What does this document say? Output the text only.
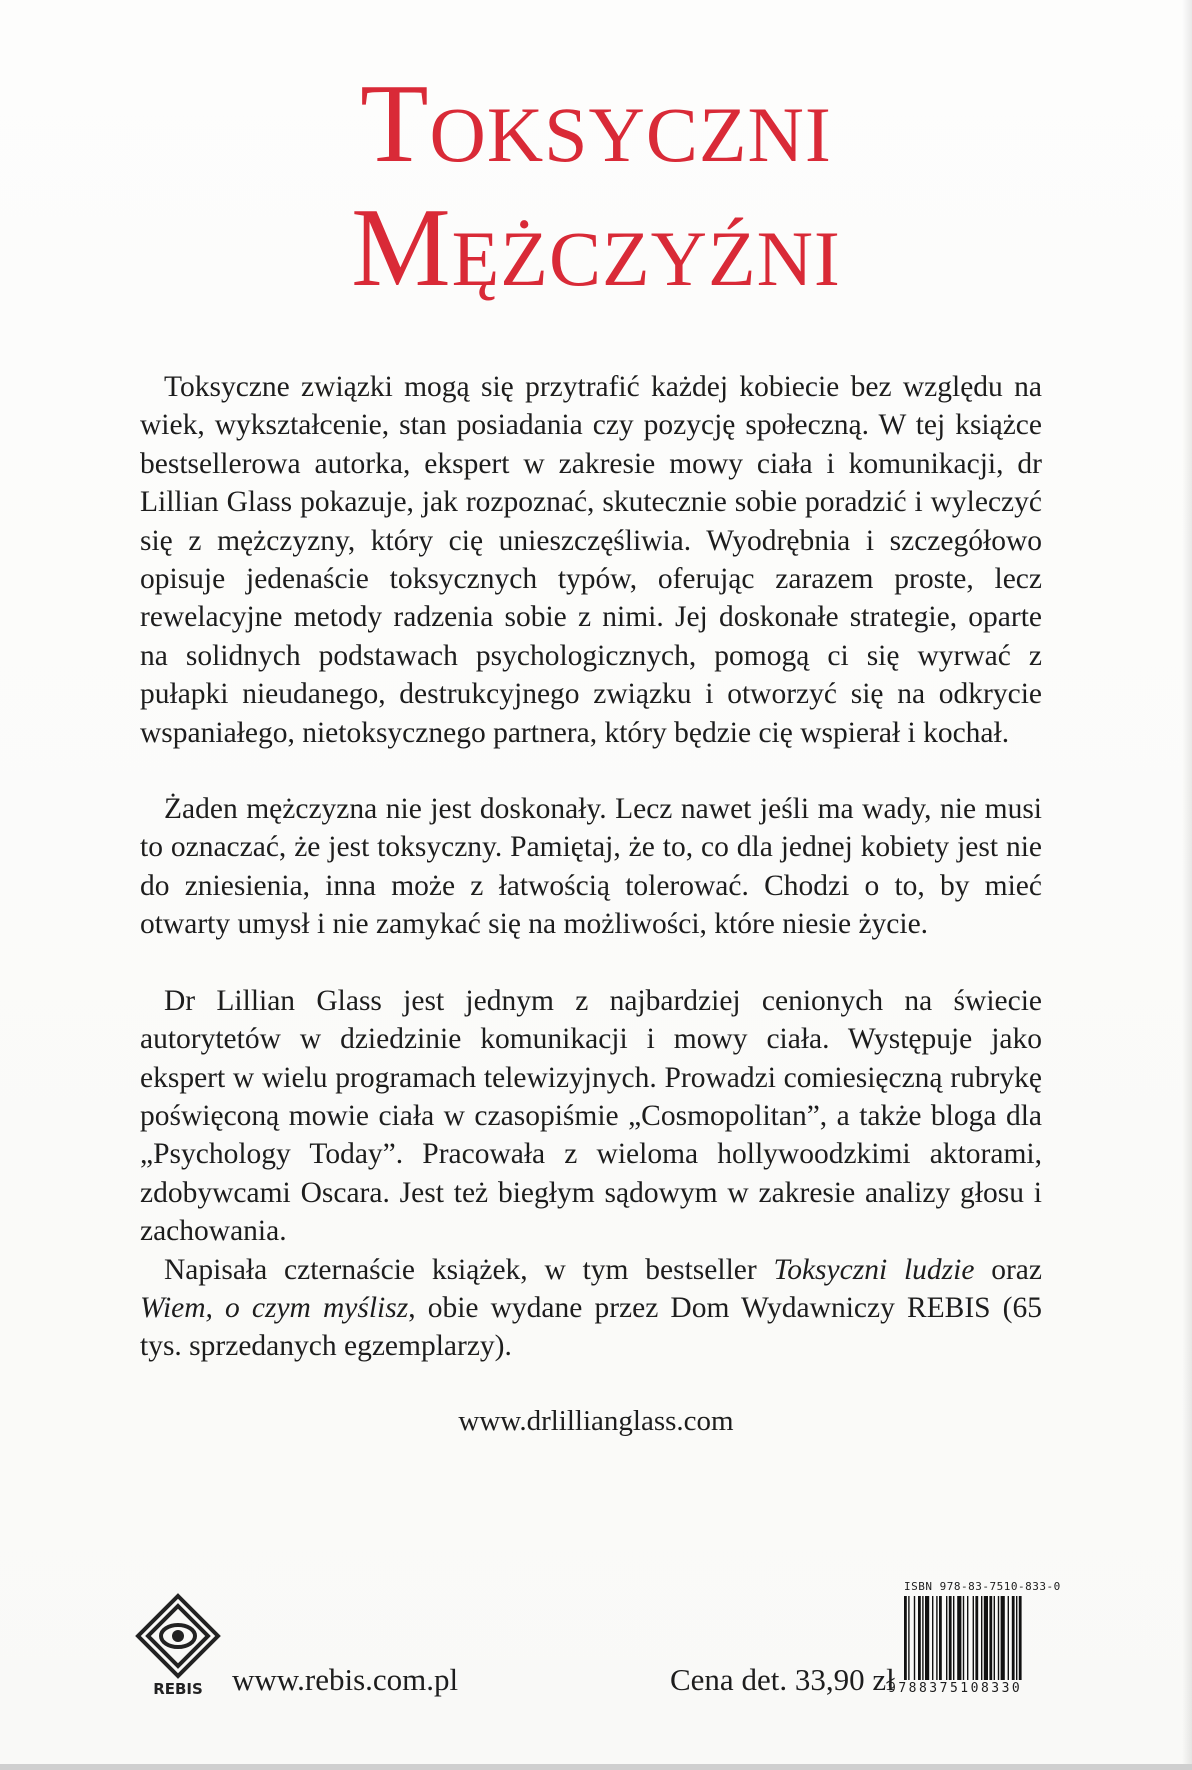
Toksyczni
Mężczyźni

Toksyczne związki mogą się przytrafić każdej kobiecie bez względu na wiek, wykształcenie, stan posiadania czy pozycję społeczną. W tej książce bestsellerowa autorka, ekspert w zakresie mowy ciała i komunikacji, dr Lillian Glass pokazuje, jak rozpoznać, skutecznie sobie poradzić i wyleczyć się z mężczyzny, który cię unieszczęśliwia. Wyodrębnia i szczegółowo opisuje jedenaście toksycznych typów, oferując zarazem proste, lecz rewelacyjne metody radzenia sobie z nimi. Jej doskonałe strategie, oparte na solidnych podstawach psychologicznych, pomogą ci się wyrwać z pułapki nieudanego, destrukcyjnego związku i otworzyć się na odkrycie wspaniałego, nietoksycznego partnera, który będzie cię wspierał i kochał.

Żaden mężczyzna nie jest doskonały. Lecz nawet jeśli ma wady, nie musi to oznaczać, że jest toksyczny. Pamiętaj, że to, co dla jednej kobiety jest nie do zniesienia, inna może z łatwością tolerować. Chodzi o to, by mieć otwarty umysł i nie zamykać się na możliwości, które niesie życie.

Dr Lillian Glass jest jednym z najbardziej cenionych na świecie autorytetów w dziedzinie komunikacji i mowy ciała. Występuje jako ekspert w wielu programach telewizyjnych. Prowadzi comiesięczną rubrykę poświęconą mowie ciała w czasopiśmie „Cosmopolitan”, a także bloga dla „Psychology Today”. Pracowała z wieloma hollywoodzkimi aktorami, zdobywcami Oscara. Jest też biegłym sądowym w zakresie analizy głosu i zachowania.

Napisała czternaście książek, w tym bestseller Toksyczni ludzie oraz Wiem, o czym myślisz, obie wydane przez Dom Wydawniczy REBIS (65 tys. sprzedanych egzemplarzy).

www.drlillianglass.com
REBIS www.rebis.com.pl	Cena det. 33,90 zł
ISBN 978-83-7510-833-0
9788375108330
